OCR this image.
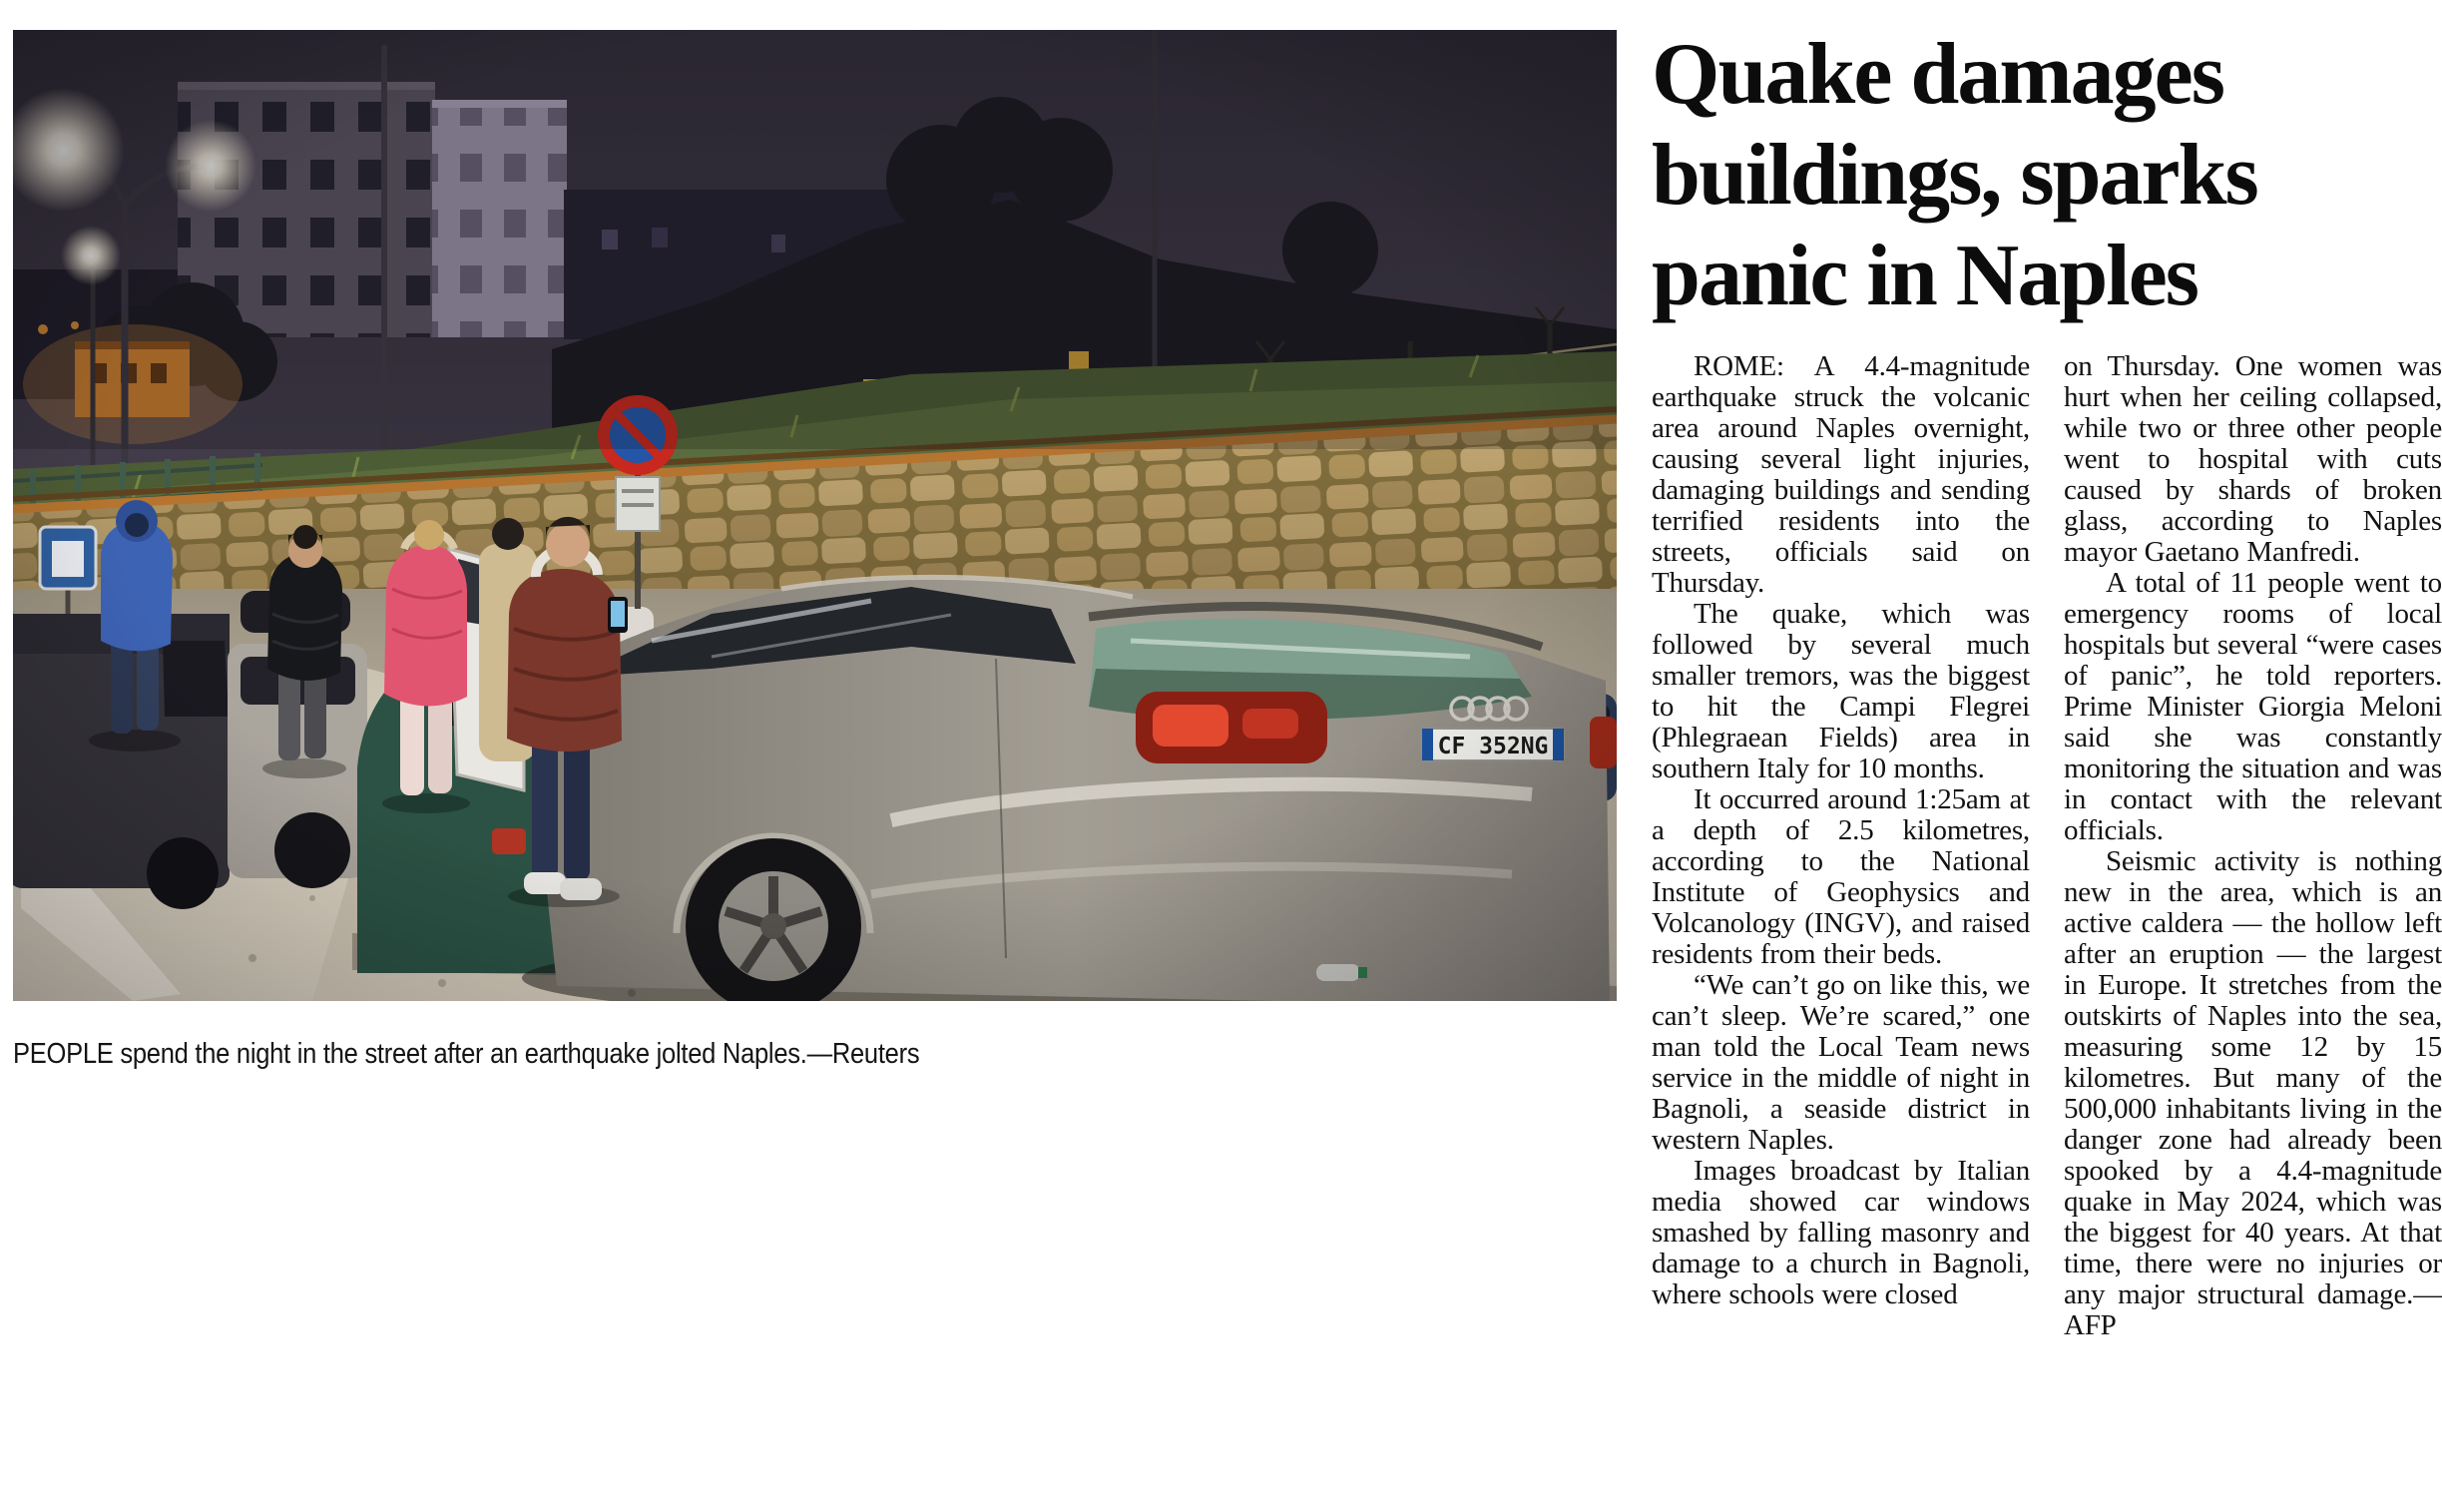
PEOPLE spend the night in the street after an earthquake jolted Naples.—Reuters
Quake damages
buildings, sparks
panic in Naples

ROME: A 4.4-magnitude earthquake struck the volcanic area around Naples overnight, causing several light injuries, damaging buildings and sending terrified residents into the streets, officials said on Thursday.

The quake, which was followed by several much smaller tremors, was the biggest to hit the Campi Flegrei (Phlegraean Fields) area in southern Italy for 10 months.

It occurred around 1:25am at a depth of 2.5 kilometres, according to the National Institute of Geophysics and Volcanology (INGV), and raised residents from their beds.

“We can’t go on like this, we can’t sleep. We’re scared,” one man told the Local Team news service in the middle of night in Bagnoli, a seaside district in western Naples.

Images broadcast by Italian media showed car windows smashed by falling masonry and damage to a church in Bagnoli, where schools were closed

on Thursday. One women was hurt when her ceiling collapsed, while two or three other people went to hospital with cuts caused by shards of broken glass, according to Naples mayor Gaetano Manfredi.

A total of 11 people went to emergency rooms of local hospitals but several “were cases of panic”, he told reporters. Prime Minister Giorgia Meloni said she was constantly monitoring the situation and was in contact with the relevant officials.

Seismic activity is nothing new in the area, which is an active caldera — the hollow left after an eruption — the largest in Europe. It stretches from the outskirts of Naples into the sea, measuring some 12 by 15 kilometres. But many of the 500,000 inhabitants living in the danger zone had already been spooked by a 4.4-magnitude quake in May 2024, which was the biggest for 40 years. At that time, there were no injuries or any major structural damage.—AFP
